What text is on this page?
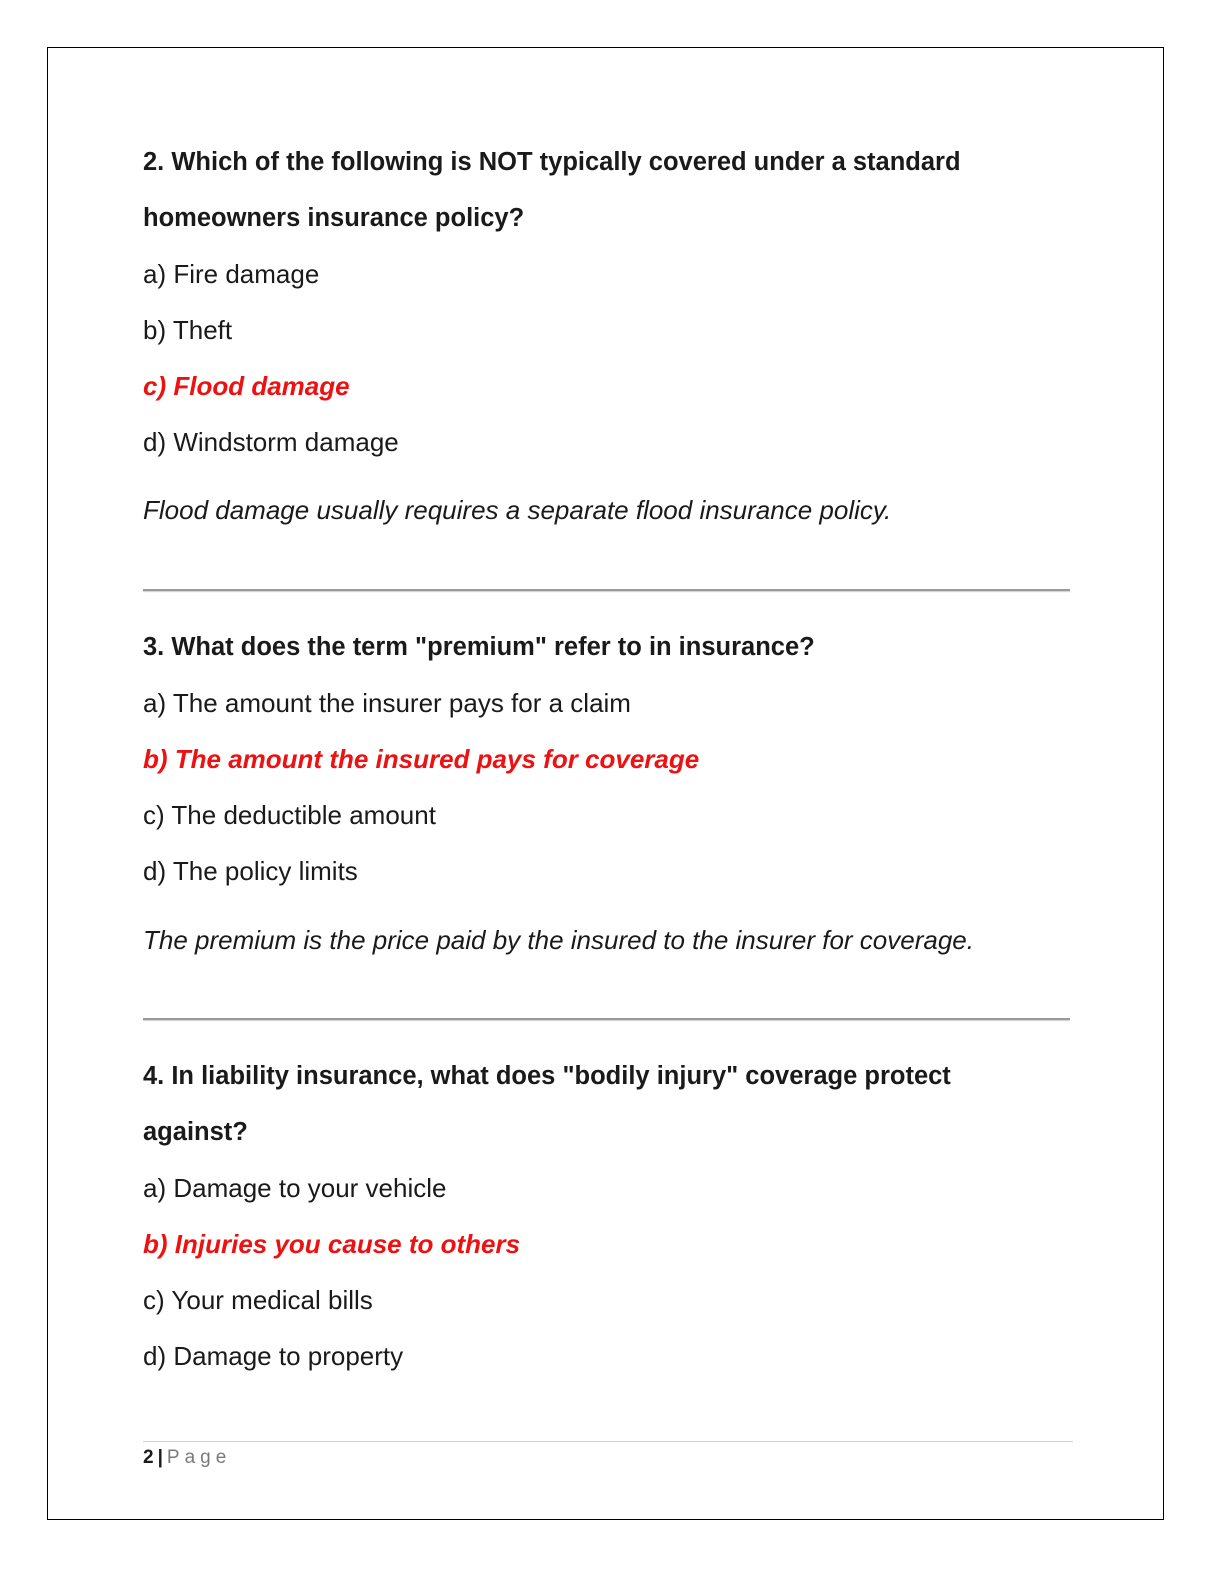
2. Which of the following is NOT typically covered under a standard
homeowners insurance policy?
a) Fire damage
b) Theft
c) Flood damage
d) Windstorm damage
Flood damage usually requires a separate flood insurance policy.
3. What does the term "premium" refer to in insurance?
a) The amount the insurer pays for a claim
b) The amount the insured pays for coverage
c) The deductible amount
d) The policy limits
The premium is the price paid by the insured to the insurer for coverage.
4. In liability insurance, what does "bodily injury" coverage protect
against?
a) Damage to your vehicle
b) Injuries you cause to others
c) Your medical bills
d) Damage to property
2 | Page
